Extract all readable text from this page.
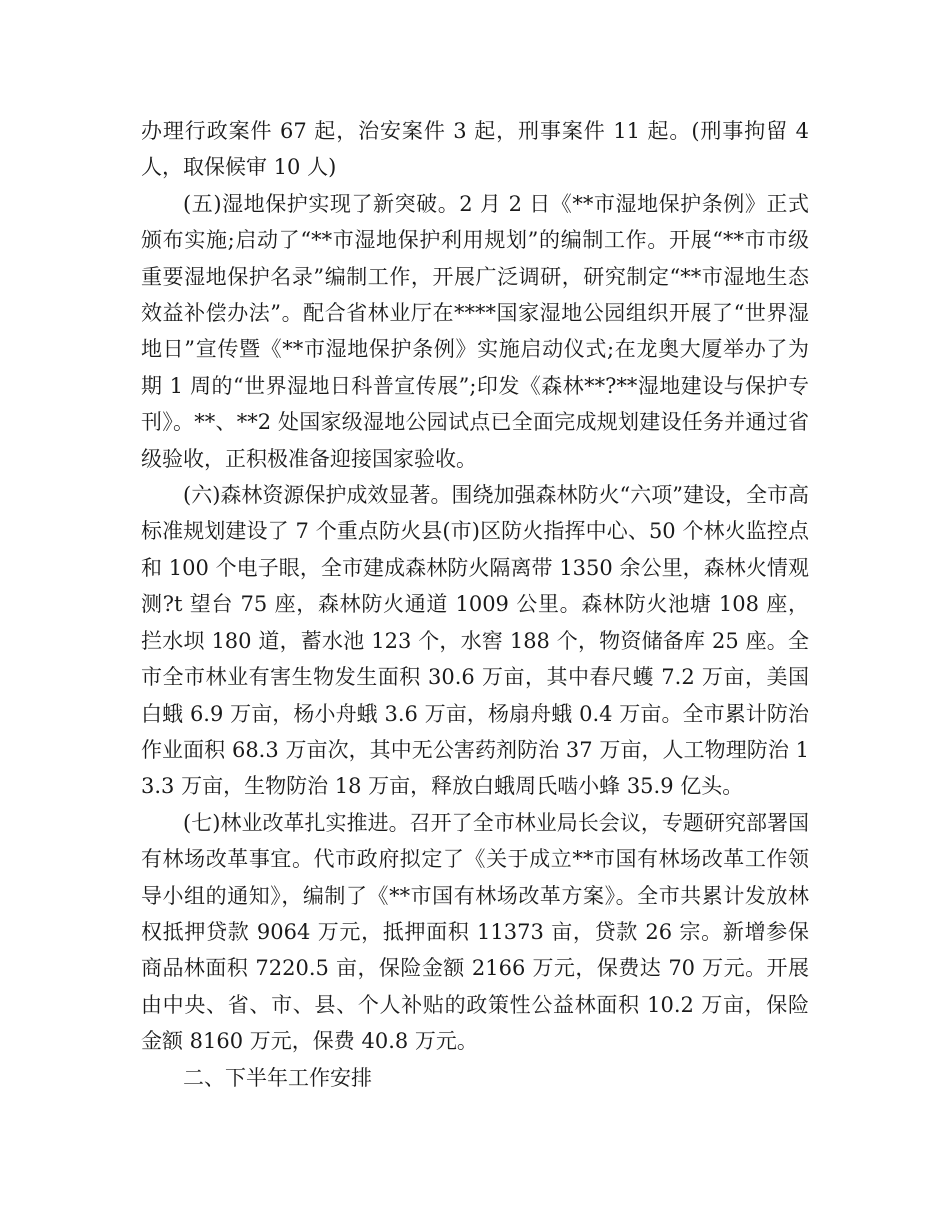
办理行政案件 67 起，治安案件 3 起，刑事案件 11 起。(刑事拘留 4 人，取保候审 10 人)

(五)湿地保护实现了新突破。2 月 2 日《**市湿地保护条例》正式颁布实施;启动了“**市湿地保护利用规划”的编制工作。开展“**市市级重要湿地保护名录”编制工作，开展广泛调研，研究制定“**市湿地生态效益补偿办法”。配合省林业厅在****国家湿地公园组织开展了“世界湿地日”宣传暨《**市湿地保护条例》实施启动仪式;在龙奥大厦举办了为期 1 周的“世界湿地日科普宣传展”;印发《森林**?**湿地建设与保护专刊》。**、**2 处国家级湿地公园试点已全面完成规划建设任务并通过省级验收，正积极准备迎接国家验收。

(六)森林资源保护成效显著。围绕加强森林防火“六项”建设，全市高标准规划建设了 7 个重点防火县(市)区防火指挥中心、50 个林火监控点和 100 个电子眼，全市建成森林防火隔离带 1350 余公里，森林火情观测?t 望台 75 座，森林防火通道 1009 公里。森林防火池塘 108 座，拦水坝 180 道，蓄水池 123 个，水窖 188 个，物资储备库 25 座。全市全市林业有害生物发生面积 30.6 万亩，其中春尺蠖 7.2 万亩，美国白蛾 6.9 万亩，杨小舟蛾 3.6 万亩，杨扇舟蛾 0.4 万亩。全市累计防治作业面积 68.3 万亩次，其中无公害药剂防治 37 万亩，人工物理防治 13.3 万亩，生物防治 18 万亩，释放白蛾周氏啮小蜂 35.9 亿头。

(七)林业改革扎实推进。召开了全市林业局长会议，专题研究部署国有林场改革事宜。代市政府拟定了《关于成立**市国有林场改革工作领导小组的通知》，编制了《**市国有林场改革方案》。全市共累计发放林权抵押贷款 9064 万元，抵押面积 11373 亩，贷款 26 宗。新增参保商品林面积 7220.5 亩，保险金额 2166 万元，保费达 70 万元。开展由中央、省、市、县、个人补贴的政策性公益林面积 10.2 万亩，保险金额 8160 万元，保费 40.8 万元。

二、下半年工作安排
